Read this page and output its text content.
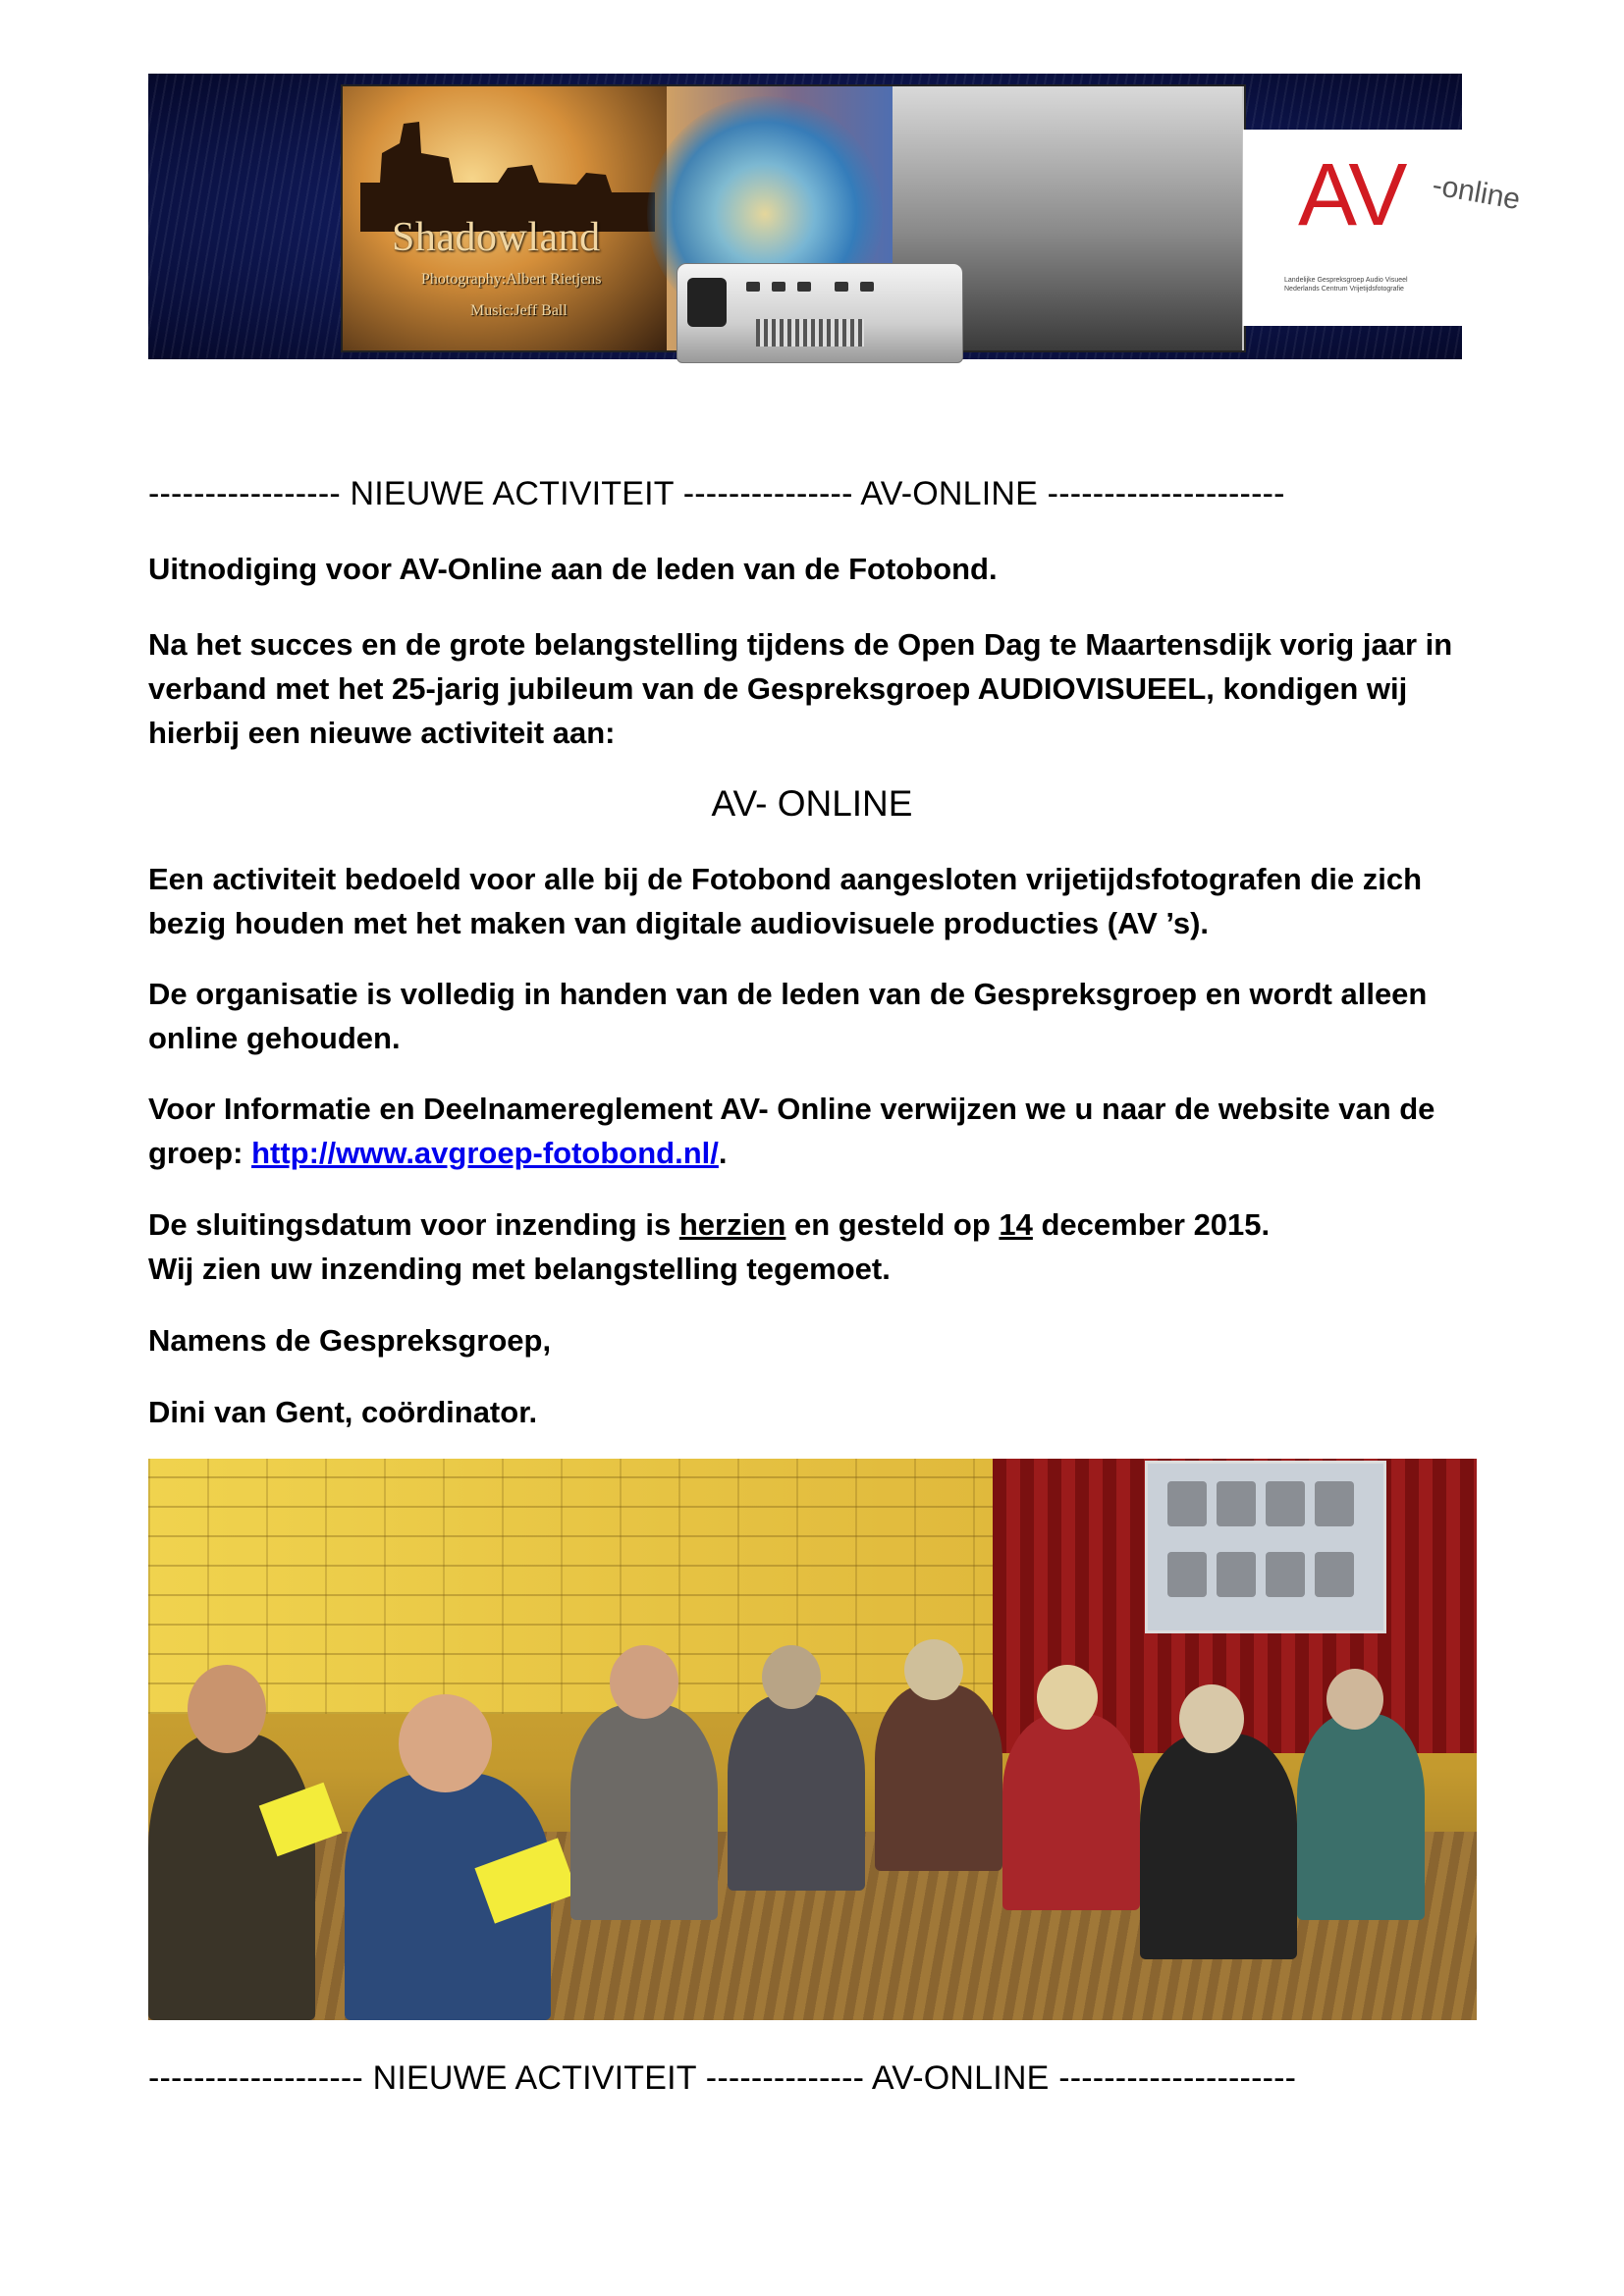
Shadowland
Photography:Albert Rietjens
Music:Jeff Ball
AV -online
Landelijke Gespreksgroep Audio Visueel
Nederlands Centrum Vrijetijdsfotografie
----------------- NIEUWE ACTIVITEIT --------------- AV-ONLINE ---------------------
Uitnodiging voor AV-Online aan de leden van de Fotobond.
Na het succes en de grote belangstelling tijdens de Open Dag te Maartensdijk vorig jaar in verband met het 25-jarig jubileum van de Gespreksgroep AUDIOVISUEEL, kondigen wij hierbij een nieuwe activiteit aan:
AV- ONLINE
Een activiteit bedoeld voor alle bij de Fotobond aangesloten vrijetijdsfotografen die zich bezig houden met het maken van digitale audiovisuele producties (AV ’s).
De organisatie is volledig in handen van de leden van de Gespreksgroep en wordt alleen online gehouden.
Voor Informatie en Deelnamereglement AV- Online verwijzen we u naar de website van de groep: http://www.avgroep-fotobond.nl/.
De sluitingsdatum voor inzending is herzien en gesteld op 14 december 2015.
Wij zien uw inzending met belangstelling tegemoet.
Namens de Gespreksgroep,
Dini van Gent, coördinator.
------------------- NIEUWE ACTIVITEIT -------------- AV-ONLINE ---------------------
